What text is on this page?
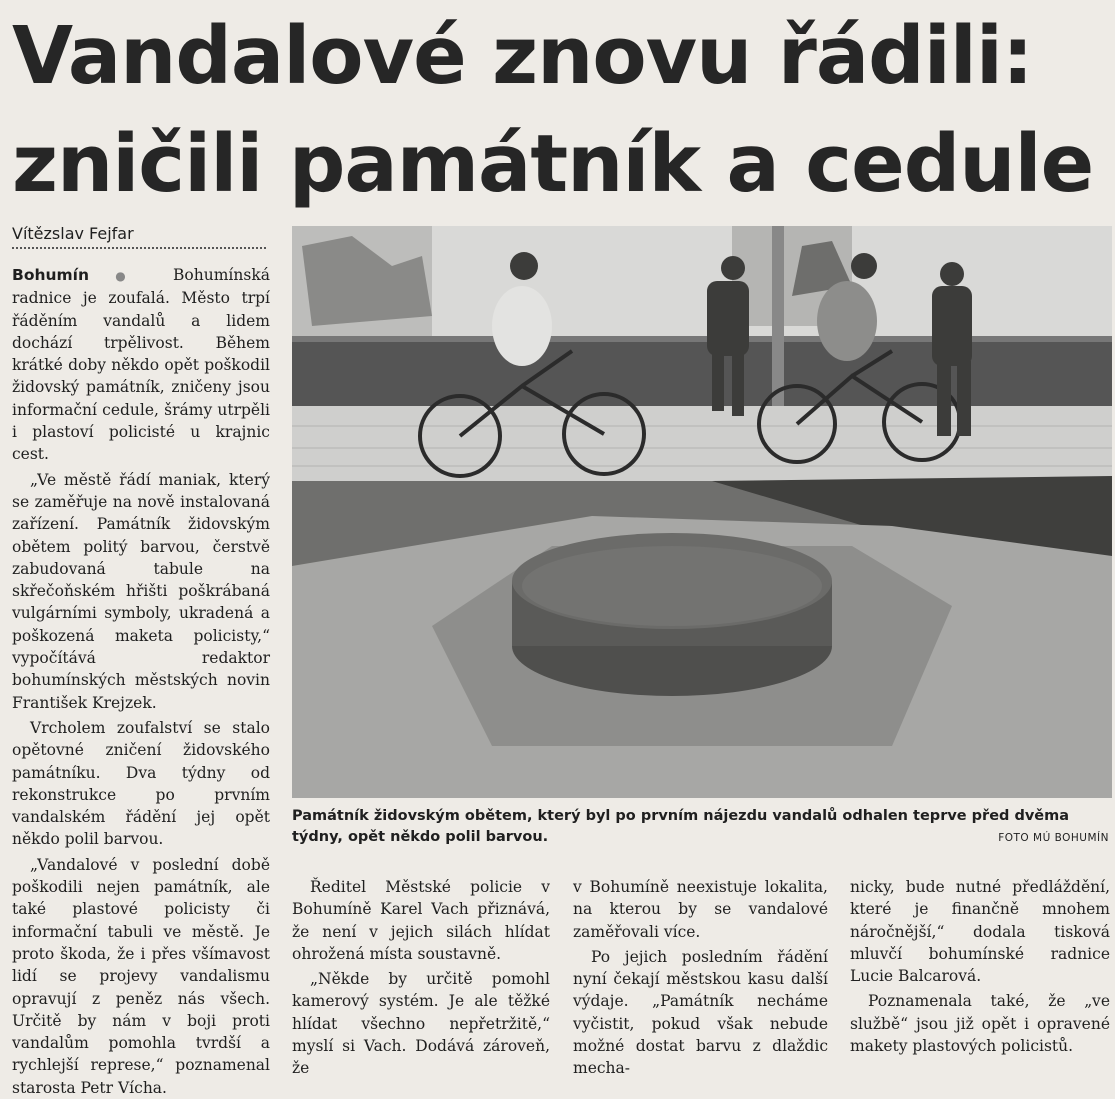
Vandalové znovu řádili:
zničili památník a cedule
Vítězslav Fejfar

Bohumín ● Bohumínská radnice je zoufalá. Město trpí řáděním vandalů a lidem dochází trpělivost. Během krátké doby někdo opět poškodil židovský památník, zničeny jsou informační cedule, šrámy utrpěli i plastoví policisté u krajnic cest.

„Ve městě řádí maniak, který se zaměřuje na nově instalovaná zařízení. Památník židovským obětem politý barvou, čerstvě zabudovaná tabule na skřečoňském hřišti poškrábaná vulgárními symboly, ukradená a poškozená maketa policisty,“ vypočítává redaktor bohumínských městských novin František Krejzek.

Vrcholem zoufalství se stalo opětovné zničení židovského památníku. Dva týdny od rekonstrukce po prvním vandalském řádění jej opět někdo polil barvou.

„Vandalové v poslední době poškodili nejen památník, ale také plastové policisty či informační tabuli ve městě. Je proto škoda, že i přes všímavost lidí se projevy vandalismu opravují z peněz nás všech. Určitě by nám v boji proti vandalům pomohla tvrdší a rychlejší represe,“ poznamenal starosta Petr Vícha.

Památník židovským obětem, který byl po prvním nájezdu vandalů odhalen teprve před dvěma týdny, opět někdo polil barvou.	FOTO MÚ BOHUMÍN

Ředitel Městské policie v Bohumíně Karel Vach přiznává, že není v jejich silách hlídat ohrožená místa soustavně.

„Někde by určitě pomohl kamerový systém. Je ale těžké hlídat všechno nepřetržitě,“ myslí si Vach. Dodává zároveň, že

v Bohumíně neexistuje lokalita, na kterou by se vandalové zaměřovali více.

Po jejich posledním řádění nyní čekají městskou kasu další výdaje. „Památník necháme vyčistit, pokud však nebude možné dostat barvu z dlaždic mecha-

nicky, bude nutné předláždění, které je finančně mnohem náročnější,“ dodala tisková mluvčí bohumínské radnice Lucie Balcarová.

Poznamenala také, že „ve službě“ jsou již opět i opravené makety plastových policistů.
